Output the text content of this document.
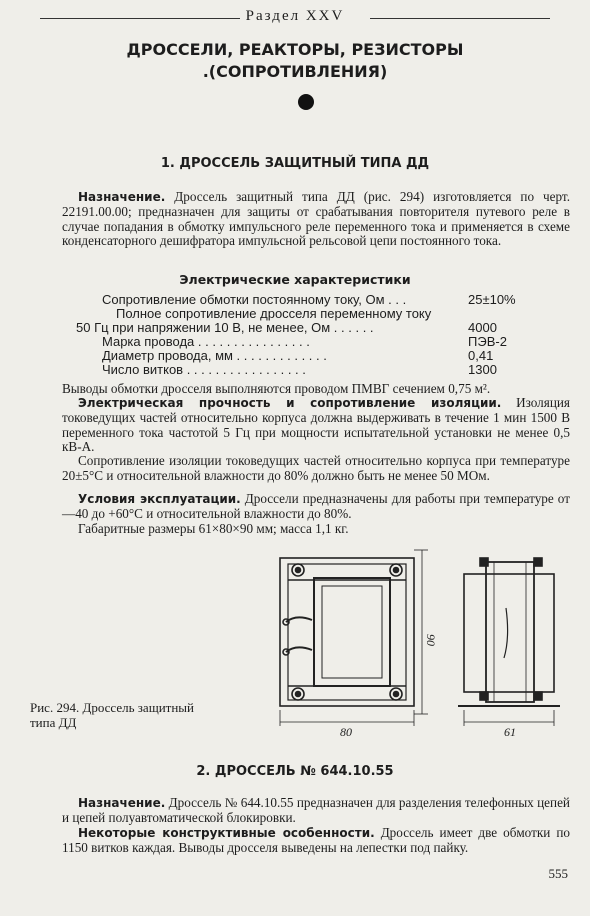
Раздел XXV
ДРОССЕЛИ, РЕАКТОРЫ, РЕЗИСТОРЫ
.(СОПРОТИВЛЕНИЯ)
1. ДРОССЕЛЬ ЗАЩИТНЫЙ ТИПА ДД

Назначение. Дроссель защитный типа ДД (рис. 294) изготовляется по черт. 22191.00.00; предназначен для защиты от срабатывания повторителя путевого реле в случае попадания в обмотку импульсного реле переменного тока и применяется в схеме конденсаторного дешифратора импульсной рельсовой цепи постоянного тока.

Электрические характеристики
Сопротивление обмотки постоянному току, Ом . . .	25±10%
Полное сопротивление дросселя переменному току
50 Гц при напряжении 10 В, не менее, Ом . . . . . .	4000
Марка провода . . . . . . . . . . . . . . . .	ПЭВ-2
Диаметр провода, мм . . . . . . . . . . . . .	0,41
Число витков . . . . . . . . . . . . . . . . .	1300

Выводы обмотки дросселя выполняются проводом ПМВГ сечением 0,75 м².

Электрическая прочность и сопротивление изоляции. Изоляция токоведущих частей относительно корпуса должна выдерживать в течение 1 мин 1500 В переменного тока частотой 5 Гц при мощности испытательной установки не менее 0,5 кВ-А.

Сопротивление изоляции токоведущих частей относительно корпуса при температуре 20±5°С и относительной влажности до 80% должно быть не менее 50 МОм.

Условия эксплуатации. Дроссели предназначены для работы при температуре от —40 до +60°С и относительной влажности до 80%.

Габаритные размеры 61×80×90 мм; масса 1,1 кг.

90
80	61
Рис. 294. Дроссель защитный типа ДД
2. ДРОССЕЛЬ № 644.10.55

Назначение. Дроссель № 644.10.55 предназначен для разделения телефонных цепей и цепей полуавтоматической блокировки.

Некоторые конструктивные особенности. Дроссель имеет две обмотки по 1150 витков каждая. Выводы дросселя выведены на лепестки под пайку.

555
